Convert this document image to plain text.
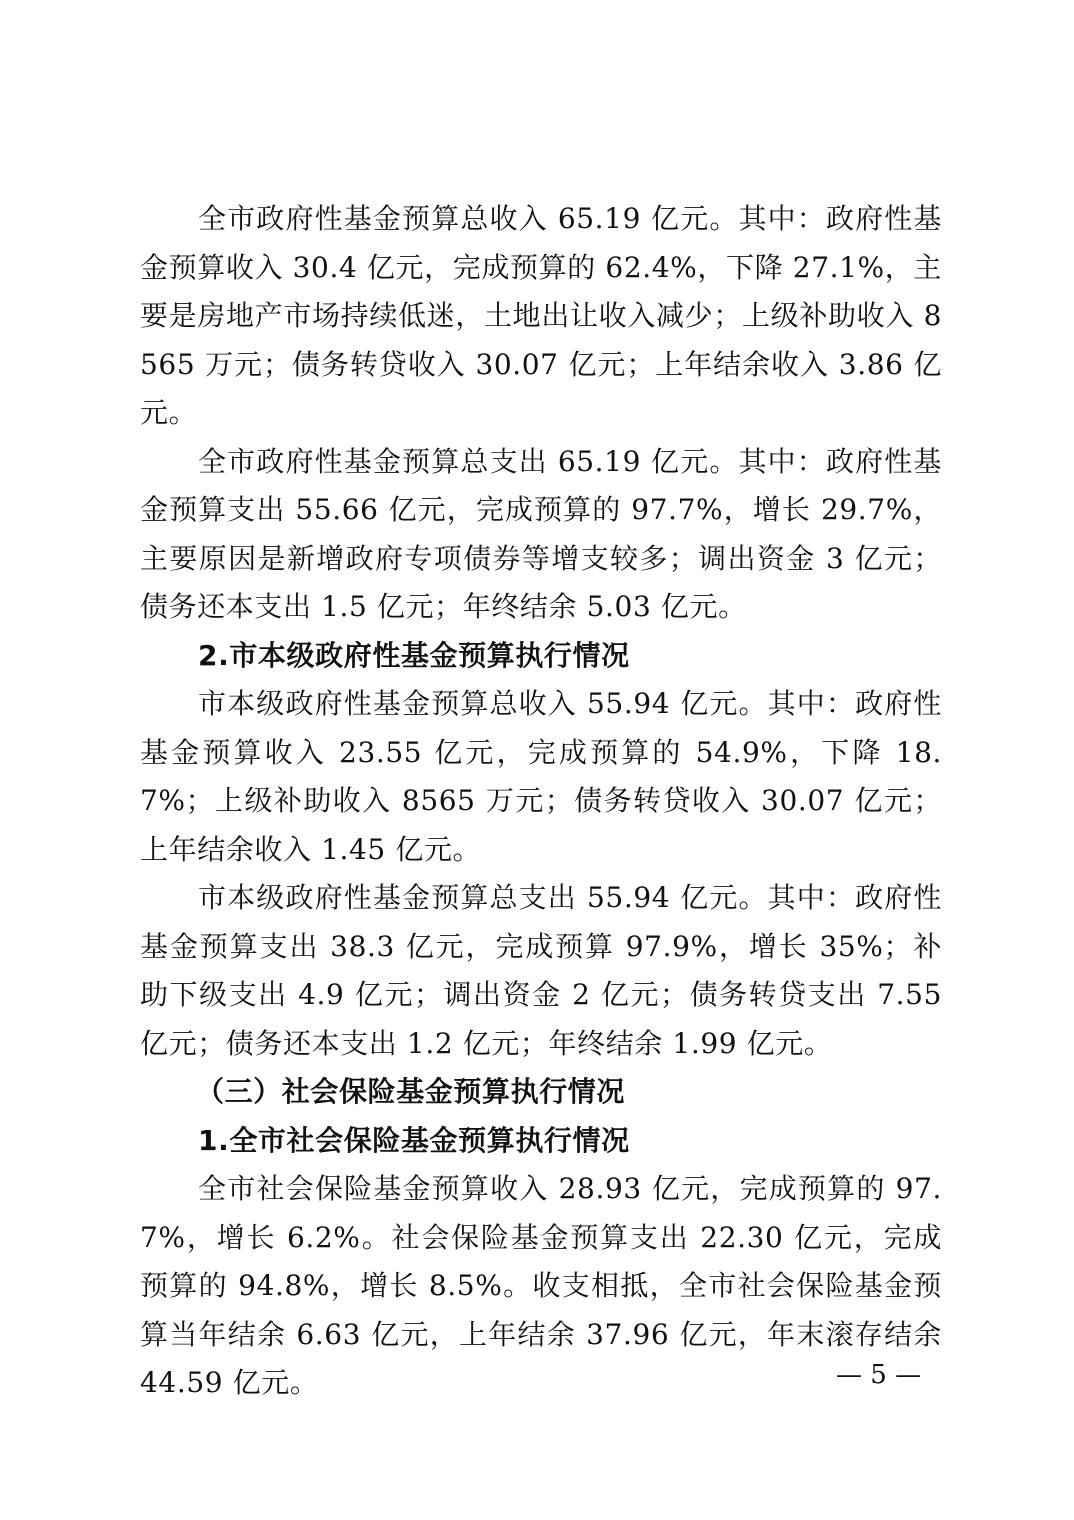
全市政府性基金预算总收入 65.19 亿元。其中：政府性基金预算收入 30.4 亿元，完成预算的 62.4%，下降 27.1%，主要是房地产市场持续低迷，土地出让收入减少；上级补助收入 8565 万元；债务转贷收入 30.07 亿元；上年结余收入 3.86 亿元。

全市政府性基金预算总支出 65.19 亿元。其中：政府性基金预算支出 55.66 亿元，完成预算的 97.7%，增长 29.7%，主要原因是新增政府专项债券等增支较多；调出资金 3 亿元；债务还本支出 1.5 亿元；年终结余 5.03 亿元。

2.市本级政府性基金预算执行情况

市本级政府性基金预算总收入 55.94 亿元。其中：政府性基金预算收入 23.55 亿元，完成预算的 54.9%，下降 18.7%；上级补助收入 8565 万元；债务转贷收入 30.07 亿元；上年结余收入 1.45 亿元。

市本级政府性基金预算总支出 55.94 亿元。其中：政府性基金预算支出 38.3 亿元，完成预算 97.9%，增长 35%；补助下级支出 4.9 亿元；调出资金 2 亿元；债务转贷支出 7.55 亿元；债务还本支出 1.2 亿元；年终结余 1.99 亿元。

（三）社会保险基金预算执行情况
1.全市社会保险基金预算执行情况

全市社会保险基金预算收入 28.93 亿元，完成预算的 97.7%，增长 6.2%。社会保险基金预算支出 22.30 亿元，完成预算的 94.8%，增长 8.5%。收支相抵，全市社会保险基金预算当年结余 6.63 亿元，上年结余 37.96 亿元，年末滚存结余 44.59 亿元。	— 5 —
